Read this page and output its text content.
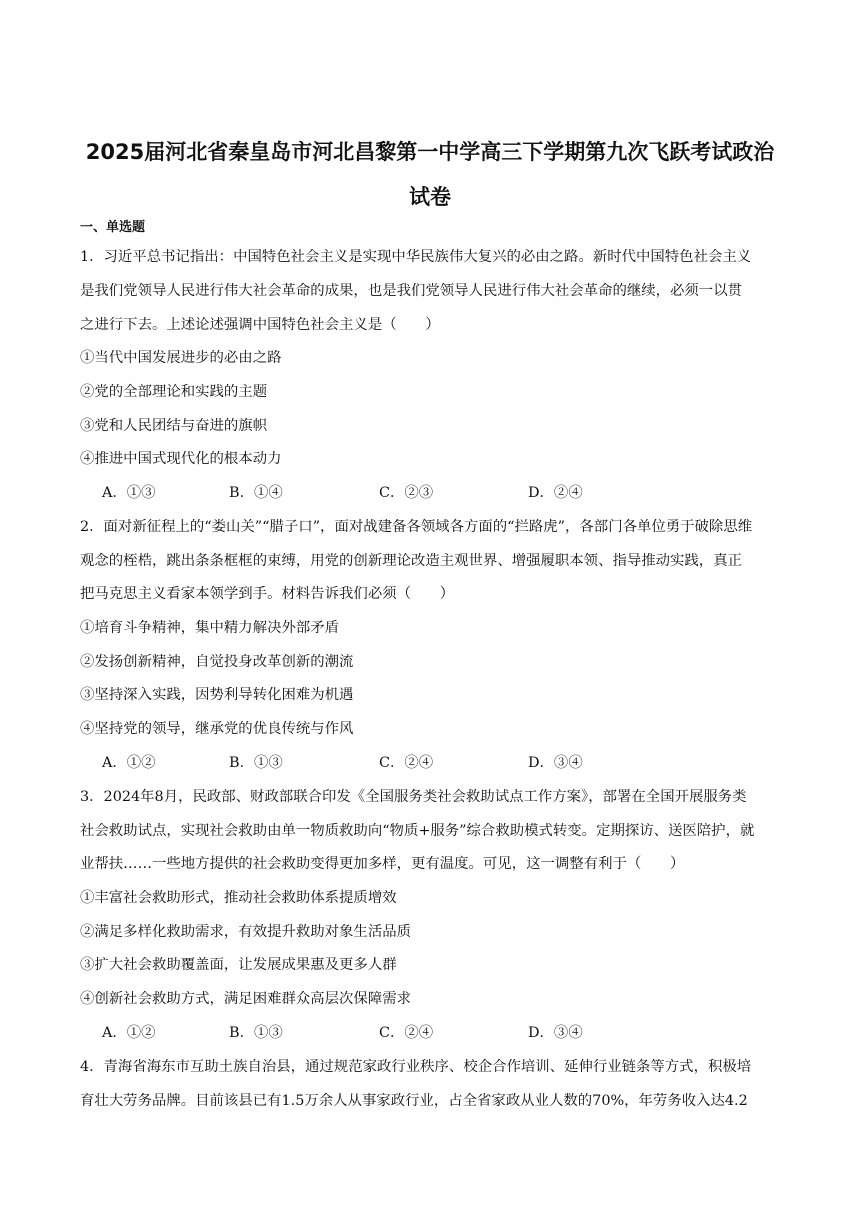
2025届河北省秦皇岛市河北昌黎第一中学高三下学期第九次飞跃考试政治
试卷
一、单选题
1．习近平总书记指出：中国特色社会主义是实现中华民族伟大复兴的必由之路。新时代中国特色社会主义
是我们党领导人民进行伟大社会革命的成果，也是我们党领导人民进行伟大社会革命的继续，必须一以贯
之进行下去。上述论述强调中国特色社会主义是（　　）
①当代中国发展进步的必由之路
②党的全部理论和实践的主题
③党和人民团结与奋进的旗帜
④推进中国式现代化的根本动力
A．①③	B．①④	C．②③	D．②④
2．面对新征程上的“娄山关”“腊子口”，面对战建备各领域各方面的“拦路虎”，各部门各单位勇于破除思维
观念的桎梏，跳出条条框框的束缚，用党的创新理论改造主观世界、增强履职本领、指导推动实践，真正
把马克思主义看家本领学到手。材料告诉我们必须（　　）
①培育斗争精神，集中精力解决外部矛盾
②发扬创新精神，自觉投身改革创新的潮流
③坚持深入实践，因势利导转化困难为机遇
④坚持党的领导，继承党的优良传统与作风
A．①②	B．①③	C．②④	D．③④
3．2024年8月，民政部、财政部联合印发《全国服务类社会救助试点工作方案》，部署在全国开展服务类
社会救助试点，实现社会救助由单一物质救助向“物质+服务”综合救助模式转变。定期探访、送医陪护，就
业帮扶……一些地方提供的社会救助变得更加多样，更有温度。可见，这一调整有利于（　　）
①丰富社会救助形式，推动社会救助体系提质增效
②满足多样化救助需求，有效提升救助对象生活品质
③扩大社会救助覆盖面，让发展成果惠及更多人群
④创新社会救助方式，满足困难群众高层次保障需求
A．①②	B．①③	C．②④	D．③④
4．青海省海东市互助土族自治县，通过规范家政行业秩序、校企合作培训、延伸行业链条等方式，积极培
育壮大劳务品牌。目前该县已有1.5万余人从事家政行业，占全省家政从业人数的70%，年劳务收入达4.2
